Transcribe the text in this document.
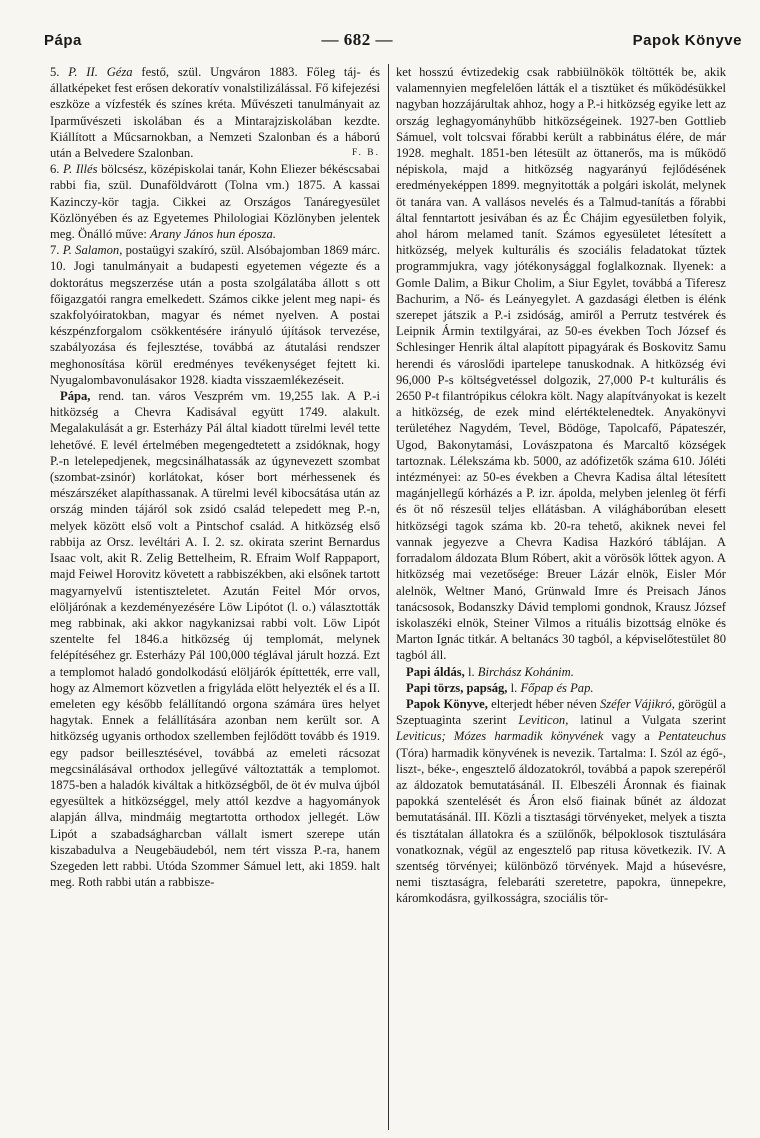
Pápa	— 682 —	Papok Könyve

5. P. II. Géza festő, szül. Ungváron 1883. Főleg táj- és állatképeket fest erősen dekoratív vonalstilizálással. Fő kifejezési eszköze a vízfesték és színes kréta. Művészeti tanulmányait az Iparművészeti iskolában és a Mintarajziskolában kezdte. Kiállított a Műcsarnokban, a Nemzeti Szalonban és a háború után a Belvedere Szalonban.	F. B.

6. P. Illés bölcsész, középiskolai tanár, Kohn Eliezer békéscsabai rabbi fia, szül. Dunaföldvárott (Tolna vm.) 1875. A kassai Kazinczy-kör tagja. Cikkei az Országos Tanáregyesület Közlönyében és az Egyetemes Philologiai Közlönyben jelentek meg. Önálló műve: Arany János hun époszа.

7. P. Salamon, postaügyi szakíró, szül. Alsóbajomban 1869 márc. 10. Jogi tanulmányait a budapesti egyetemen végezte és a doktorátus megszerzése után a posta szolgálatába állott s ott főigazgatói rangra emelkedett. Számos cikke jelent meg napi- és szakfolyóiratokban, magyar és német nyelven. A postai készpénzforgalom csökkentésére irányuló újítások tervezése, szabályozása és fejlesztése, továbbá az átutalási rendszer meghonosítása körül eredményes tevékenységet fejtett ki. Nyugalombavonulásakor 1928. kiadta visszaemlékezéseit.

Pápa, rend. tan. város Veszprém vm. 19,255 lak. A P.-i hitközség a Chevra Kadisával együtt 1749. alakult. Megalakulását a gr. Esterházy Pál által kiadott türelmi levél tette lehetővé. E levél értelmében megengedtetett a zsidóknak, hogy P.-n letelepedjenek, megcsinálhatassák az úgynevezett szombat (szombat-zsinór) korlátokat, kóser bort mérhessenek és mészárszéket alapíthassanak. A türelmi levél kibocsátása után az ország minden tájáról sok zsidó család telepedett meg P.-n, melyek között első volt a Pintschof család. A hitközség első rabbija az Orsz. levéltári A. I. 2. sz. okirata szerint Bernardus Isaac volt, akit R. Zelig Bettelheim, R. Efraim Wolf Rappaport, majd Feiwel Horovitz követett a rabbiszékben, aki elsőnek tartott magyarnyelvű istentiszteletet. Azután Feitel Mór orvos, elöljárónak a kezdeményezésére Löw Lipótot (l. o.) választották meg rabbinak, aki akkor nagykanizsai rabbi volt. Löw Lipót szentelte fel 1846.a hitközség új templomát, melynek felépítéséhez gr. Esterházy Pál 100,000 téglával járult hozzá. Ezt a templomot haladó gondolkodású elöljárók építtették, erre vall, hogy az Almemort közvetlen a frigyláda elött helyezték el és a II. emeleten egy később felállítandó orgona számára üres helyet hagytak. Ennek a felállítására azonban nem került sor. A hitközség ugyanis orthodox szellemben fejlődött tovább és 1919. egy padsor beillesztésével, továbbá az emeleti rácsozat megcsinálásával orthodox jellegűvé változtatták a templomot. 1875-ben a haladók kiváltak a hitközségből, de öt év mulva újból egyesültek a hitközséggel, mely attól kezdve a hagyományok alapján állva, mindmáig megtartotta orthodox jellegét. Löw Lipót a szabadságharcban vállalt ismert szerepe után kiszabadulva a Neugebäudeból, nem tért vissza P.-ra, hanem Szegeden lett rabbi. Utóda Szommer Sámuel lett, aki 1859. halt meg. Roth rabbi után a rabbisze-

ket hosszú évtizedekig csak rabbiülnökök töltötték be, akik valamennyien megfelelően látták el a tisztüket és működésükkel nagyban hozzájárultak ahhoz, hogy a P.-i hitközség egyike lett az ország leghagyományhűbb hitközségeinek. 1927-ben Gottlieb Sámuel, volt tolcsvai főrabbi került a rabbinátus élére, de már 1928. meghalt. 1851-ben létesült az öttanerős, ma is működő népiskola, majd a hitközség nagyarányú fejlődésének eredményeképpen 1899. megnyitották a polgári iskolát, melynek öt tanára van. A vallásos nevelés és a Talmud-tanítás a főrabbi által fenntartott jesivában és az Éc Chájim egyesületben folyik, ahol három melamed tanít. Számos egyesületet létesített a hitközség, melyek kulturális és szociális feladatokat tűztek programmjukra, vagy jótékonysággal foglalkoznak. Ilyenek: a Gomle Dalim, a Bikur Cholim, a Siur Egylet, továbbá a Tiferesz Bachurim, a Nő- és Leányegylet. A gazdasági életben is élénk szerepet játszik a P.-i zsidóság, amiről a Perrutz testvérek és Leipnik Ármin textilgyárai, az 50-es években Toch József és Schlesinger Henrik által alapított pipagyárak és Boskovitz Samu herendi és városlődi ipartelepe tanuskodnak. A hitközség évi 96,000 P-s költségvetéssel dolgozik, 27,000 P-t kulturális és 2650 P-t filantrópikus célokra költ. Nagy alapítványokat is kezelt a hitközség, de ezek mind elértéktelenedtek. Anyakönyvi területéhez Nagydém, Tevel, Bödöge, Tapolcafő, Pápateszér, Ugod, Bakonytamási, Lovászpatona és Marcaltő községek tartoznak. Lélekszáma kb. 5000, az adófizetők száma 610. Jóléti intézményei: az 50-es években a Chevra Kadisa által létesített magánjellegű kórházés a P. izr. ápolda, melyben jelenleg öt férfi és öt nő részesül teljes ellátásban. A világháborúban elesett hitközségi tagok száma kb. 20-ra tehető, akiknek nevei fel vannak jegyezve a Chevra Kadisa Hazkóró táblájan. A forradalom áldozata Blum Róbert, akit a vörösök lőttek agyon. A hitközség mai vezetősége: Breuer Lázár elnök, Eisler Mór alelnök, Weltner Manó, Grünwald Imre és Preisach János tanácsosok, Bodanszky Dávid templomi gondnok, Krausz József iskolaszéki elnök, Steiner Vilmos a rituális bizottság elnöke és Marton Ignác titkár. A beltanács 30 tagból, a képviselőtestület 80 tagból áll.

Papi áldás, l. Birchász Kohánim.

Papi törzs, papság, l. Főpap és Pap.

Papok Könyve, elterjedt héber néven Széfer Vájikró, görögül a Szeptuaginta szerint Leviticon, latinul a Vulgata szerint Leviticus; Mózes harmadik könyvének vagy a Pentateuchus (Tóra) harmadik könyvének is nevezik. Tartalma: I. Szól az égő-, liszt-, béke-, engesztelő áldozatokról, továbbá a papok szerepéről az áldozatok bemutatásánál. II. Elbeszéli Áronnak és fiainak papokká szentelését és Áron első fiainak bűnét az áldozat bemutatásánál. III. Közli a tisztasági törvényeket, melyek a tiszta és tisztátalan állatokra és a szülőnők, bélpoklosok tisztulására vonatkoznak, végül az engesztelő pap ritusa következik. IV. A szentség törvényei; különböző törvények. Majd a húsevésre, nemi tisztaságra, felebaráti szeretetre, papokra, ünnepekre, káromkodásra, gyilkosságra, szociális tör-
